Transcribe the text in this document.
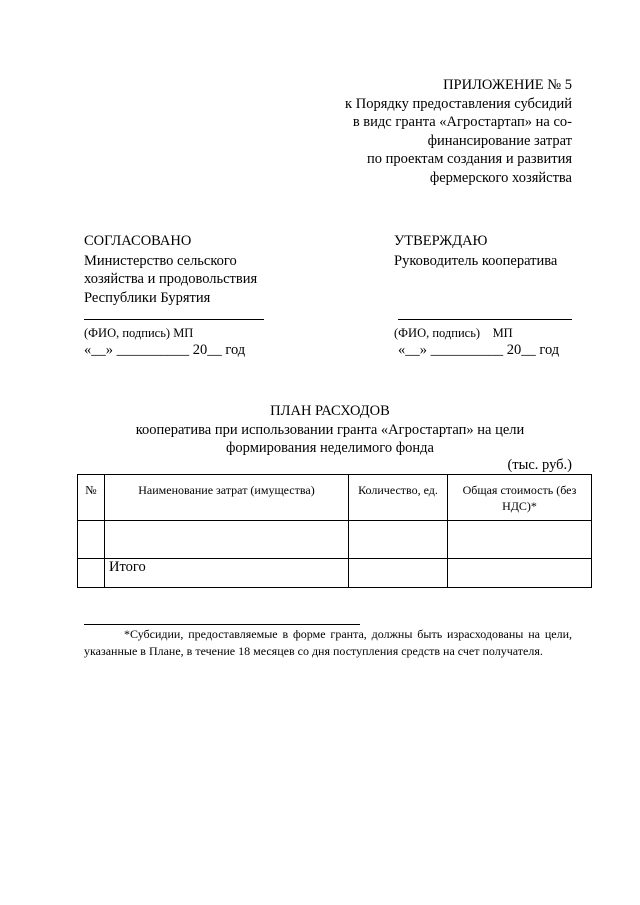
ПРИЛОЖЕНИЕ № 5
к Порядку предоставления субсидий
в видс гранта «Агростартап» на со-
финансирование затрат
по проектам создания и развития
фермерского хозяйства
СОГЛАСОВАНО
Министерство сельского
хозяйства и продовольствия
Республики Бурятия
(ФИО, подпись) МП
«__» __________ 20__ год
УТВЕРЖДАЮ
Руководитель кооператива
(ФИО, подпись)    МП
«__» __________ 20__ год
ПЛАН РАСХОДОВ
кооператива при использовании гранта «Агростартап» на цели
формирования неделимого фонда
(тыс. руб.)
№	Наименование затрат (имущества)	Количество, ед.	Общая стоимость (без НДС)*

	Итого		
*Субсидии, предоставляемые в форме гранта, должны быть израсходованы на цели, указанные в Плане, в течение 18 месяцев со дня поступления средств на счет получателя.
